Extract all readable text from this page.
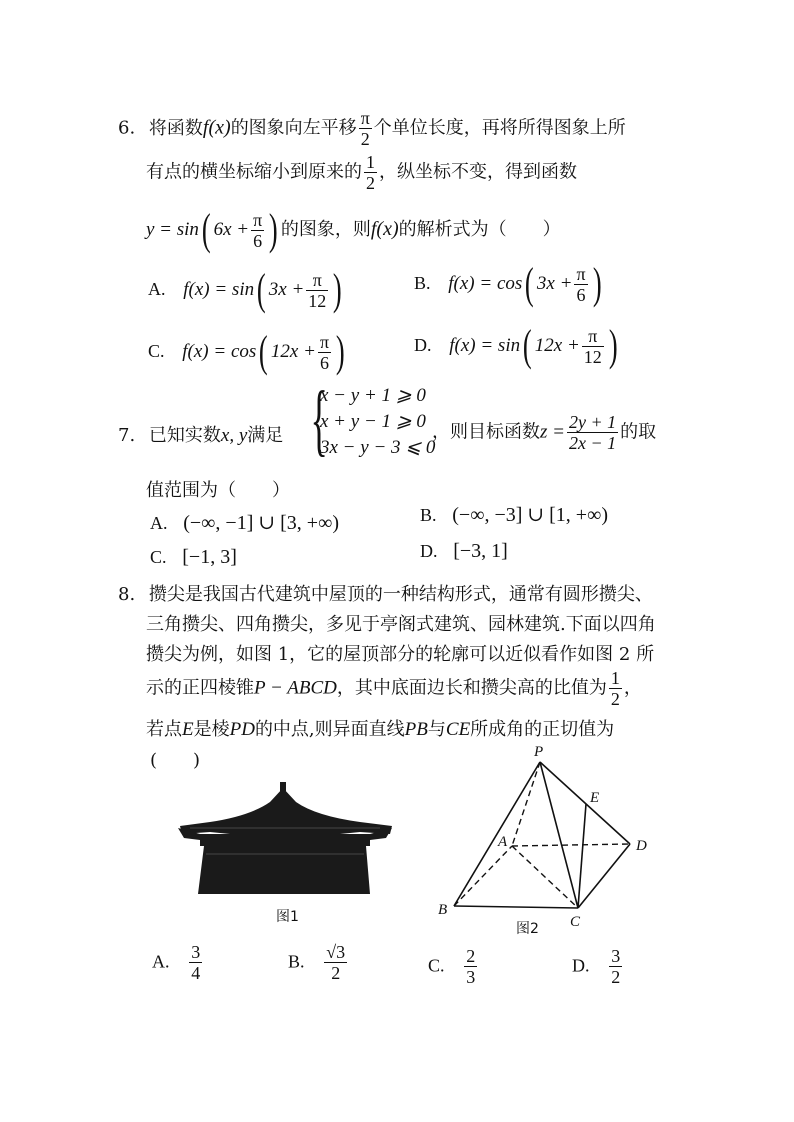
6. 将函数f(x)的图象向左平移 $\frac{\pi}{2}$ 个单位长度，再将所得图象上所
有点的横坐标缩小到原来的 $\frac{1}{2}$ ，纵坐标不变，得到函数
y = sin( $6x + \frac{\pi}{6}$ ) 的图象，则f(x)的解析式为（　　）
A. f(x) = sin( $3x + \frac{\pi}{12}$ )	B. f(x) = cos( $3x + \frac{\pi}{6}$ )
C. f(x) = cos( $12x + \frac{\pi}{6}$ )	D. f(x) = sin( $12x + \frac{\pi}{12}$ )
7. 已知实数x, y满足 {
x − y + 1 ⩾ 0
x + y − 1 ⩾ 0
3x − y − 3 ⩽ 0
，则目标函数$z = \frac{2y + 1}{2x - 1}$ 的取
值范围为（　　）
A. (−∞, −1] ∪ [3, +∞)	B. (−∞, −3] ∪ [1, +∞)
C. [−1, 3]	D. [−3, 1]
8. 攒尖是我国古代建筑中屋顶的一种结构形式，通常有圆形攒尖、
三角攒尖、四角攒尖，多见于亭阁式建筑、园林建筑.下面以四角
攒尖为例，如图 1，它的屋顶部分的轮廓可以近似看作如图 2 所
示的正四棱锥P − ABCD，其中底面边长和攒尖高的比值为 $\frac{1}{2}$ ，
若点E是棱PD的中点,则异面直线PB与CE所成角的正切值为
(　　)
图1
P
E
A	D
B
C
图2
A. $\frac{3}{4}$	B. $\frac{√3}{2}$	C. $\frac{2}{3}$	D. $\frac{3}{2}$
